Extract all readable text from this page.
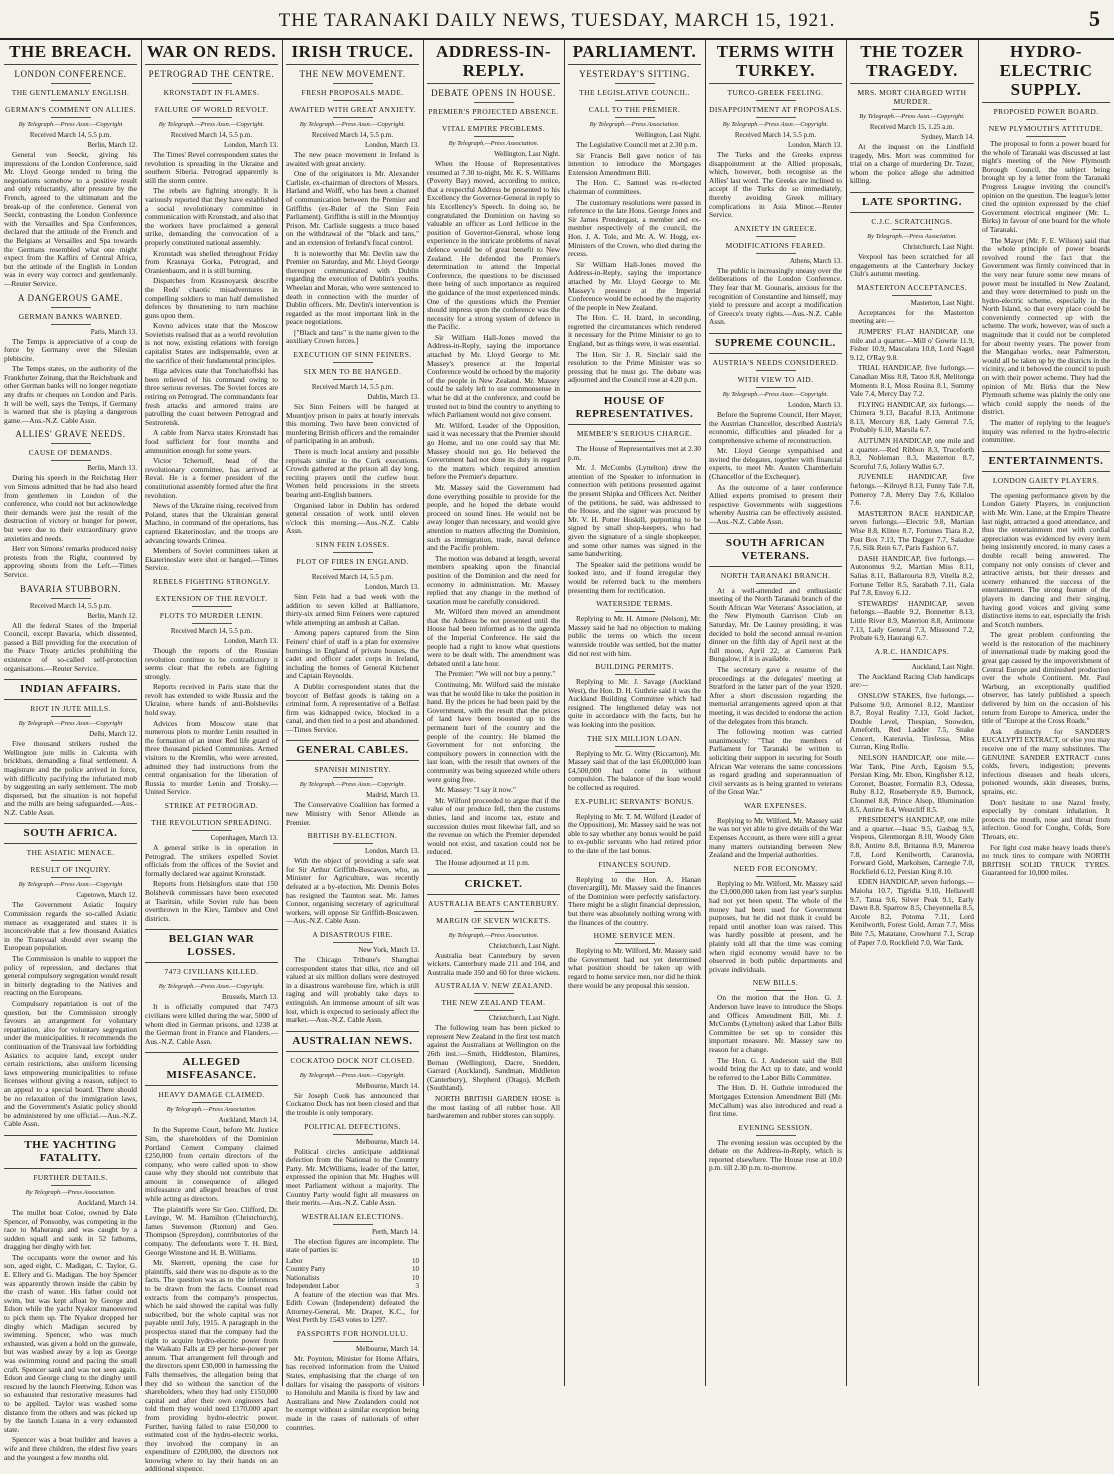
THE TARANAKI DAILY NEWS, TUESDAY, MARCH 15, 1921.	5
THE BREACH.
LONDON CONFERENCE.
THE GENTLEMANLY ENGLISH.
GERMAN'S COMMENT ON ALLIES.
By Telegraph.—Press Assn.—Copyright
Received March 14, 5.5 p.m.
Berlin, March 12.
General von Seeckt, giving his impressions of the London Conference, said Mr. Lloyd George tended to bring the negotiations somehow to a positive result and only reluctantly, after pressure by the French, agreed to the ultimatum and the break-up of the conference. General von Seeckt, contrasting the London Conference with the Versailles and Spa Conferences, declared that the attitude of the French and the Belgians at Versailles and Spa towards the Germans resembled what one might expect from the Kaffirs of Central Africa, but the attitude of the English in London was in every way correct and gentlemanly.—Reuter Service.
A DANGEROUS GAME.
GERMAN BANKS WARNED.
Paris, March 13.
The Temps is appreciative of a coup de force by Germany over the Silesian plebiscite.
The Temps states, on the authority of the Frankfurter Zeitung, that the Reichsbank and other German banks will no longer negotiate any drafts or cheques on London and Paris. It will be well, says the Temps, if Germany is warned that she is playing a dangerous game.—Aus.-N.Z. Cable Assn.
ALLIES' GRAVE NEEDS.
CAUSE OF DEMANDS.
Berlin, March 13.
During his speech in the Reichstag Herr von Simons admitted that he had also heard from gentlemen in London of the conference, who could not but acknowledge their demands were just the result of the destruction of victory or hunger for power, but were due to their extraordinary grave anxieties and needs.
Herr von Simons' remarks produced noisy protests from the Right, countered by approving shouts from the Left.—Times Service.
BAVARIA STUBBORN.
Received March 14, 5.5 p.m.
Berlin, March 12.
All the federal States of the Imperial Council, except Bavaria, which dissented, passed a Bill providing for the execution of the Peace Treaty articles prohibiting the existence of so-called self-protection organisations.—Reuter Service.
INDIAN AFFAIRS.
RIOT IN JUTE MILLS.
By Telegraph.—Press Assn.—Copyright
Delhi, March 12.
Five thousand strikers rushed the Wellington jute mills in Calcutta with brickbats, demanding a final settlement. A magistrate and the police arrived in force, with difficulty pacifying the infuriated mob by suggesting an early settlement. The mob dispersed, but the situation is not hopeful and the mills are being safeguarded.—Aus.-N.Z. Cable Assn.
SOUTH AFRICA.
THE ASIATIC MENACE.
RESULT OF INQUIRY.
By Telegraph.—Press Assn.—Copyright
Capetown, March 12.
The Government Asiatic Inquiry Commission regards the so-called Asiatic menace as exaggerated and states it is inconceivable that a few thousand Asiatics in the Transvaal should ever swamp the European population.
The Commission is unable to support the policy of repression, and declares that general compulsory segregation would result in bitterly degrading to the Natives and reacting on the Europeans.
Compulsory repatriation is out of the question, but the Commission strongly favours an arrangement for voluntary repatriation, also for voluntary segregation under the municipalities. It recommends the continuation of the Transvaal law forbidding Asiatics to acquire land, except under certain restrictions, also uniform licensing laws empowering municipalities to refuse licenses without giving a reason, subject to an appeal to a special board. There should be no relaxation of the immigration laws, and the Government's Asiatic policy should be administered by one official.—Aus.-N.Z. Cable Assn.
THE YACHTING FATALITY.
FURTHER DETAILS.
By Telegraph.—Press Association.
Auckland, March 14.
The mullet boat Coloe, owned by Dale Spencer, of Ponsonby, was competing in the race to Mahurangi and was caught by a sudden squall and sank in 52 fathoms, dragging her dinghy with her.
The occupants were the owner and his son, aged eight, C. Madigan, C. Taylor, G. E. Ellery and G. Madigan. The boy Spencer was apparently thrown inside the cabin by the crash of water. His father could not swim, but was kept afloat by George and Edson while the yacht Nyakor manoeuvred to pick them up. The Nyakor dropped her dinghy which Madigan secured by swimming. Spencer, who was much exhausted, was given a hold on the gunwale, but was washed away by a lop as George was swimming round and pacing the small craft. Spencer sank and was not seen again. Edson and George clung to the dinghy until rescued by the launch Fleetwing. Edson was so exhausted that restorative measures had to be applied. Taylor was washed some distance from the others and was picked up by the launch Luana in a very exhausted state.
Spencer was a boat builder and leaves a wife and three children, the eldest five years and the youngest a few months old.
WAR ON REDS.
PETROGRAD THE CENTRE.
KRONSTADT IN FLAMES.
FAILURE OF WORLD REVOLT.
By Telegraph.—Press Assn.—Copyright.
Received March 14, 5.5 p.m.
London, March 13.
The Times' Revel correspondent states the revolution is spreading in the Ukraine and southern Siberia. Petrograd apparently is still the storm centre.
The rebels are fighting strongly. It is variously reported that they have established a social revolutionary committee in communication with Kronstadt, and also that the workers have proclaimed a general strike, demanding the convocation of a properly constituted national assembly.
Kronstadt was shelled throughout Friday from Krasnaya Gorka, Petrograd, and Oranienbaum, and it is still burning.
Dispatches from Krasnoyarsk describe the Reds' chaotic misadventures in compelling soldiers to man half demolished defences by threatening to turn machine guns upon them.
Kovno advices state that the Moscow Sovietists realised that as a world revolution is not now, existing relations with foreign capitalist States are indispensable, even at the sacrifice of their fundamental principles.
Riga advices state that Tonchatoffski has been relieved of his command owing to three serious reverses. The Soviet forces are retiring on Petrograd. The commandants fear fresh attacks and armored trains are patrolling the coast between Petrograd and Sestroretsk.
A cable from Narva states Kronstadt has food sufficient for four months and ammunition enough for some years.
Victor Tchernoff, head of the revolutionary committee, has arrived at Reval. He is a former president of the constitutional assembly formed after the first revolution.
News of the Ukraine rising, received from Poland, states that the Ukrainian general Machno, in command of the operations, has captured Ekaterinoslav, and the troops are advancing towards Crimea.
Members of Soviet committees taken at Ekaterinoslav were shot or hanged.—Times Service.
REBELS FIGHTING STRONGLY.
EXTENSION OF THE REVOLT.
PLOTS TO MURDER LENIN.
Received March 14, 5.5 p.m.
London, March 13.
Though the reports of the Russian revolution continue to be contradictory it seems clear that the rebels are fighting strongly.
Reports received in Paris state that the revolt has extended to wide Russia and the Ukraine, where bands of anti-Bolsheviks hold sway.
Advices from Moscow state that numerous plots to murder Lenin resulted in the formation of an inner Red life guard of three thousand picked Communists. Armed visitors to the Kremlin, who were arrested, admitted they had instructions from the central organisation for the liberation of Russia to murder Lenin and Trotsky.—United Service.
STRIKE AT PETROGRAD.
THE REVOLUTION SPREADING.
Copenhagen, March 13.
A general strike is in operation in Petrograd. The strikers expelled Soviet officials from the offices of the Soviet and formally declared war against Kronstadt.
Reports from Helsingfors state that 150 Bolshevik commissars have been executed at Tsaritsin, while Soviet rule has been overthrown in the Kiev, Tambov and Orel districts.
BELGIAN WAR LOSSES.
7473 CIVILIANS KILLED.
By Telegraph.—Press Assn.—Copyright.
Brussels, March 13.
It is officially computed that 7473 civilians were killed during the war, 5000 of whom died in German prisons, and 1238 at the German front in France and Flanders.—Aus.-N.Z. Cable Assn.
ALLEGED MISFEASANCE.
HEAVY DAMAGE CLAIMED.
By Telegraph.—Press Association.
Auckland, March 14.
In the Supreme Court, before Mr. Justice Sim, the shareholders of the Dominion Portland Cement Company claimed £250,000 from certain directors of the company, who were called upon to show cause why they should not contribute that amount in consequence of alleged misfeasance and alleged breaches of trust while acting as directors.
The plaintiffs were Sir Geo. Clifford, Dr. Levinge, W. M. Hamilton (Christchurch), James Stevenson (Ruxton) and Geo. Thompson (Spreydon), contributories of the company. The defendants were T. H. Bird, George Winstone and H. B. Williams.
Mr. Skerrett, opening the case for plaintiffs, said there was no dispute as to the facts. The question was as to the inferences to be drawn from the facts. Counsel read extracts from the company's prospectus, which he said showed the capital was fully subscribed, but the whole capital was not payable until July, 1915. A paragraph in the prospectus stated that the company had the right to acquire hydro-electric power from the Waikato Falls at £9 per horse-power per annum. That arrangement fell through and the directors spent £30,000 in harnessing the Falls themselves, the allegation being that they did so without the sanction of the shareholders, when they had only £150,000 capital and after their own engineers had told them they would need £170,000 apart from providing hydro-electric power. Further, having failed to raise £50,000 to estimated cost of the hydro-electric works, they involved the company in an expenditure of £200,000, the directors not knowing where to lay their hands on an additional sixpence.
IRISH TRUCE.
THE NEW MOVEMENT.
FRESH PROPOSALS MADE.
AWAITED WITH GREAT ANXIETY.
By Telegraph.—Press Assn.—Copyright.
Received March 14, 5.5 p.m.
London, March 13.
The new peace movement in Ireland is awaited with great anxiety.
One of the originators is Mr. Alexander Carlisle, ex-chairman of directors of Messrs. Harland and Wolff, who has been a channel of communication between the Premier and Griffiths (ex-Ruler of the Sinn Fein Parliament). Griffiths is still in the Mountjoy Prison. Mr. Carlisle suggests a truce based on the withdrawal of the "black and tans," and an extension of Ireland's fiscal control.
It is noteworthy that Mr. Devlin saw the Premier on Saturday, and Mr. Lloyd George thereupon communicated with Dublin regarding the execution of Dublin's youths. Wheelan and Moran, who were sentenced to death in connection with the murder of Dublin officers. Mr. Devlin's intervention is regarded as the most important link in the peace negotiations.
["Black and tans" is the name given to the auxiliary Crown forces.]
EXECUTION OF SINN FEINERS.
SIX MEN TO BE HANGED.
Received March 14, 5.5 p.m.
Dublin, March 13.
Six Sinn Feiners will be hanged at Mountjoy prison in pairs at hourly intervals this morning. Two have been convicted of murdering British officers and the remainder of participating in an ambush.
There is much local anxiety and possible reprisals similar to the Cork executions. Crowds gathered at the prison all day long, reciting prayers until the curfew hour. Women held processions in the streets bearing anti-English banners.
Organised labor in Dublin has ordered general cessation of work until eleven o'clock this morning.—Aus.-N.Z. Cable Assn.
SINN FEIN LOSSES.
PLOT OF FIRES IN ENGLAND.
Received March 14, 5.5 p.m.
London, March 13.
Sinn Fein had a bad week with the addition to seven killed at Balliamore, thirty-six armed Sinn Feiners were captured while attempting an ambush at Callan.
Among papers captured from the Sinn Feiners' chief of staff is a plan for extensive burnings in England of private houses, the cadet and officer cadet corps in Ireland, including the homes of General Kitchener and Captain Reynolds.
A Dublin correspondent states that the boycott of Belfast goods is taking on a criminal form. A representative of a Belfast firm was kidnapped twice, blocked in a canal, and then tied to a post and abandoned.—Times Service.
GENERAL CABLES.
SPANISH MINISTRY.
By Telegraph.—Press Assn.—Copyright.
Madrid, March 13.
The Conservative Coalition has formed a new Ministry with Senor Allende as Premier.
BRITISH BY-ELECTION.
London, March 13.
With the object of providing a safe seat for Sir Arthur Griffith-Boscawen, who, as Minister for Agriculture, was recently defeated at a by-election, Mr. Dennis Boles has resigned the Taunton seat. Mr. James Connor, organising secretary of agricultural workers, will oppose Sir Griffith-Boscawen.—Aus.-N.Z. Cable Assn.
A DISASTROUS FIRE.
New York, March 13.
The Chicago Tribune's Shanghai correspondent states that silks, rice and oil valued at six million dollars were destroyed in a disastrous warehouse fire, which is still raging and will probably take days to extinguish. An immense amount of silt was lost, which is expected to seriously affect the market.—Aus.-N.Z. Cable Assn.
AUSTRALIAN NEWS.
COCKATOO DOCK NOT CLOSED.
By Telegraph.—Press Assn.—Copyright.
Melbourne, March 14.
Sir Joseph Cook has announced that Cockatoo Dock has not been closed and that the trouble is only temporary.
POLITICAL DEFECTIONS.
Melbourne, March 14.
Political circles anticipate additional defection from the National to the Country Party. Mr. McWilliams, leader of the latter, expressed the opinion that Mr. Hughes will meet Parliament without a majority. The Country Party would fight all measures on their merits.—Aus.-N.Z. Cable Assn.
WESTRALIAN ELECTIONS.
Perth, March 14.
The election figures are incomplete. The state of parties is:
Labor	10
Country Party	10
Nationalists	10
Independent Labor	3
A feature of the election was that Mrs. Edith Cowan (Independent) defeated the Attorney-General, Mr. Draper, K.C., for West Perth by 1543 votes to 1297.
PASSPORTS FOR HONOLULU.
Melbourne, March 14.
Mr. Poynton, Minister for Home Affairs, has received information from the United States, emphasising that the charge of ten dollars for visaing the passports of visitors to Honolulu and Manila is fixed by law and Australians and New Zealanders could not be exempt without a similar exception being made in the cases of nationals of other countries.
ADDRESS-IN-REPLY.
DEBATE OPENS IN HOUSE.
PREMIER'S PROJECTED ABSENCE.
VITAL EMPIRE PROBLEMS.
By Telegraph.—Press Association.
Wellington, Last Night.
When the House of Representatives resumed at 7.30 to-night, Mr. K. S. Williams (Poverty Bay) moved, according to notice, that a respectful Address be presented to his Excellency the Governor-General in reply to his Excellency's Speech. In doing so, he congratulated the Dominion on having so valuable an officer as Lord Jellicoe in the position of Governor-General, whose long experience in the intricate problems of naval defence would be of great benefit to New Zealand. He defended the Premier's determination to attend the Imperial Conference, the questions to be discussed there being of such importance as required the guidance of the most experienced minds. One of the questions which the Premier should impress upon the conference was the necessity for a strong system of defence in the Pacific.
Sir William Hall-Jones moved the Address-in-Reply, saying the importance attached by Mr. Lloyd George to Mr. Massey's presence at the Imperial Conference would be echoed by the majority of the people in New Zealand. Mr. Massey could be safely left to use commonsense in what he did at the conference, and could be trusted not to bind the country to anything to which Parliament would not give consent.
Mr. Wilford, Leader of the Opposition, said it was necessary that the Premier should go Home, and no one could say that Mr. Massey should not go. He believed the Government had not done its duty in regard to the matters which required attention before the Premier's departure.
Mr. Massey said the Government had done everything possible to provide for the people, and he hoped the debate would proceed on sound lines. He would not be away longer than necessary, and would give attention to matters affecting the Dominion, such as immigration, trade, naval defence and the Pacific problem.
The motion was debated at length, several members speaking upon the financial position of the Dominion and the need for economy in administration. Mr. Massey replied that any change in the method of taxation must be carefully considered.
Mr. Wilford then moved an amendment that the Address be not presented until the House had been informed as to the agenda of the Imperial Conference. He said the people had a right to know what questions were to be dealt with. The amendment was debated until a late hour.
The Premier: "We will not buy a penny."
Continuing, Mr. Wilford said the mistake was that he would like to take the position in hand. By the prices he had been paid by the Government, with the result that the prices of land have been boosted up to the permanent hurt of the country and the people of the country. He blamed the Government for not enforcing the compulsory powers in connection with the last loan, with the result that owners of the community was being squeezed while others were going free.
Mr. Massey: "I say it now."
Mr. Wilford proceeded to argue that if the value of our produce fell, then the customs duties, land and income tax, estate and succession duties must likewise fall, and so the revenue on which the Premier depended would not exist, and taxation could not be reduced.
The House adjourned at 11 p.m.
CRICKET.
AUSTRALIA BEATS CANTERBURY.
MARGIN OF SEVEN WICKETS.
By Telegraph.—Press Association.
Christchurch, Last Night.
Australia beat Canterbury by seven wickets. Canterbury made 211 and 104, and Australia made 350 and 60 for three wickets.
AUSTRALIA V. NEW ZEALAND.
THE NEW ZEALAND TEAM.
Christchurch, Last Night.
The following team has been picked to represent New Zealand in the first test match against the Australians at Wellington on the 26th inst.:—Smith, Hiddleston, Blamires, Bernau (Wellington), Dacre, Snedden, Garrard (Auckland), Sandman, Middleton (Canterbury), Shepherd (Otago), McBeth (Southland).
NORTH BRITISH GARDEN HOSE is the most lasting of all rubber hose. All hardwaremen and rubber stores can supply.
PARLIAMENT.
YESTERDAY'S SITTING.
THE LEGISLATIVE COUNCIL.
CALL TO THE PREMIER.
By Telegraph.—Press Association.
Wellington, Last Night.
The Legislative Council met at 2.30 p.m.
Sir Francis Bell gave notice of his intention to introduce the Mortgages Extension Amendment Bill.
The Hon. C. Samuel was re-elected chairman of committees.
The customary resolutions were passed in reference to the late Hons. George Jones and Sir James Prendergast, a member and ex-member respectively of the council, the Hon. J. A. Tole, and Mr. A. W. Hogg, ex-Ministers of the Crown, who died during the recess.
Sir William Hall-Jones moved the Address-in-Reply, saying the importance attached by Mr. Lloyd George to Mr. Massey's presence at the Imperial Conference would be echoed by the majority of the people in New Zealand.
The Hon. C. H. Izard, in seconding, regretted the circumstances which rendered it necessary for the Prime Minister to go to England, but as things were, it was essential.
The Hon. Sir J. R. Sinclair said the resolution to the Prime Minister was so pressing that he must go. The debate was adjourned and the Council rose at 4.20 p.m.
HOUSE OF REPRESENTATIVES.
MEMBER'S SERIOUS CHARGE.
The House of Representatives met at 2.30 p.m.
Mr. J. McCombs (Lyttelton) drew the attention of the Speaker to information in connection with petitions presented against the present Shipka and Officers Act. Neither of the petitions, he said, was addressed to the House, and the signer was procured by Mr. V. H. Potter Hoskill, purporting to be signed by small shop-keepers, who had given the signature of a single shopkeeper, and some other names was signed in the same handwriting.
The Speaker said the petitions would be looked into, and if found irregular they would be referred back to the members presenting them for rectification.
WATERSIDE TERMS.
Replying to Mr. H. Atmore (Nelson), Mr. Massey said he had no objection to making public the terms on which the recent waterside trouble was settled, but the matter did not rest with him.
BUILDING PERMITS.
Replying to Mr. J. Savage (Auckland West), the Hon. D. H. Guthrie said it was the Auckland Building Committee which had resigned. The lengthened delay was not quite in accordance with the facts, but he was looking into the position.
THE SIX MILLION LOAN.
Replying to Mr. G. Witty (Riccarton), Mr. Massey said that of the last £6,000,000 loan £4,500,000 had come in without compulsion. The balance of the loan would be collected as required.
EX-PUBLIC SERVANTS' BONUS.
Replying to Mr. T. M. Wilford (Leader of the Opposition), Mr. Massey said he was not able to say whether any bonus would be paid to ex-public servants who had retired prior to the date of the last bonus.
FINANCES SOUND.
Replying to the Hon. A. Hanan (Invercargill), Mr. Massey said the finances of the Dominion were perfectly satisfactory. There might be a slight financial depression, but there was absolutely nothing wrong with the finances of the country.
HOME SERVICE MEN.
Replying to Mr. Wilford, Mr. Massey said the Government had not yet determined what position should be taken up with regard to home service men, nor did he think there would be any proposal this session.
TERMS WITH TURKEY.
TURCO-GREEK FEELING.
DISAPPOINTMENT AT PROPOSALS.
By Telegraph.—Press Assn.—Copyright.
Received March 14, 5.5 p.m.
London, March 13.
The Turks and the Greeks express disappointment at the Allied proposals, which, however, both recognise as the Allies' last word. The Greeks are inclined to accept if the Turks do so immediately, thereby avoiding Greek military complications in Asia Minor.—Reuter Service.
ANXIETY IN GREECE.
MODIFICATIONS FEARED.
Athens, March 13.
The public is increasingly uneasy over the deliberations of the London Conference. They fear that M. Gounaris, anxious for the recognition of Constantine and himself, may yield to pressure and accept a modification of Greece's treaty rights.—Aus.-N.Z. Cable Assn.
SUPREME COUNCIL.
AUSTRIA'S NEEDS CONSIDERED.
WITH VIEW TO AID.
By Telegraph.—Press Assn.—Copyright.
London, March 13.
Before the Supreme Council, Herr Mayer, the Austrian Chancellor, described Austria's economic, difficulties and pleaded for a comprehensive scheme of reconstruction.
Mr. Lloyd George sympathised and invited the delegates, together with financial experts, to meet Mr. Austen Chamberlain (Chancellor of the Exchequer).
As the outcome of a later conference Allied experts promised to present their respective Governments with suggestions whereby Austria can be effectively assisted.—Aus.-N.Z. Cable Assn.
SOUTH AFRICAN VETERANS.
NORTH TARANAKI BRANCH.
At a well-attended and enthusiastic meeting of the North Taranaki branch of the South African War Veterans' Association, at the New Plymouth Garrison Club on Saturday, Mr. De Launey presiding, it was decided to hold the second annual re-union dinner on the fifth day of April next at the full moon, April 22, at Cameron Park Bungalow, if it is available.
The secretary gave a resume of the proceedings at the delegates' meeting at Stratford in the latter part of the year 1920. After a short discussion regarding the memorial arrangements agreed upon at that meeting, it was decided to endorse the action of the delegates from this branch.
The following motion was carried unanimously: "That the members of Parliament for Taranaki be written to soliciting their support in securing for South African War veterans the same concessions as regard grading and superannuation of civil servants as is being granted to veterans of the Great War."
WAR EXPENSES.
Replying to Mr. Wilford, Mr. Massey said he was not yet able to give details of the War Expenses Account, as there were still a great many matters outstanding between New Zealand and the Imperial authorities.
NEED FOR ECONOMY.
Replying to Mr. Wilford, Mr. Massey said the £3,000,000 taken from last year's surplus had not yet been spent. The whole of the money had been used for Government purposes, but he did not think it could be repaid until another loan was raised. This was hardly possible at present, and he plainly told all that the time was coming when rigid economy would have to be observed in both public departments and private individuals.
NEW BILLS.
On the motion that the Hon. G. J. Anderson have leave to introduce the Shops and Offices Amendment Bill, Mr. J. McCombs (Lyttelton) asked that Labor Bills Committee be set up to consider this important measure. Mr. Massey saw no reason for a change.
The Hon. G. J. Anderson said the Bill would bring the Act up to date, and would be referred to the Labor Bills Committee.
The Hon. D. H. Guthrie introduced the Mortgages Extension Amendment Bill (Mr. McCallum) was also introduced and read a first time.
EVENING SESSION.
The evening session was occupied by the debate on the Address-in-Reply, which is reported elsewhere. The House rose at 10.0 p.m. till 2.30 p.m. to-morrow.
THE TOZER TRAGEDY.
MRS. MORT CHARGED WITH MURDER.
By Telegraph.—Press Assn.—Copyright.
Received March 15, 1.25 a.m.
Sydney, March 14.
At the inquest on the Lindfield tragedy, Mrs. Mort was committed for trial on a charge of murdering Dr. Tozer, whom the police allege she admitted killing.
LATE SPORTING.
C.J.C. SCRATCHINGS.
By Telegraph.—Press Association.
Christchurch, Last Night.
Vexpool has been scratched for all engagements at the Canterbury Jockey Club's autumn meeting.
MASTERTON ACCEPTANCES.
Masterton, Last Night.
Acceptances for the Masterton meeting are:—
JUMPERS' FLAT HANDICAP, one mile and a quarter.—Mill o' Gowrie 11.9, Fisher 10.9, Mascalara 10.8, Lord Nagel 9.12, O'Ray 9.8.
TRIAL HANDICAP, five furlongs.—Canadian Miss 8.8, Tatoo 8.8, Melitonga Moments 8.1, Moss Rosina 8.1, Summy Vale 7.4, Mercy Day 7.2.
FLYING HANDICAP, six furlongs.—Chimera 9.13, Bacaful 8.13, Antimone 8.13, Mercury 8.8, Lady General 7.5, Probably 6.10, Marsila 6.7.
AUTUMN HANDICAP, one mile and a quarter.—Red Ribbon 8.3, Truceforth 8.3, Nobleman 8.3, Masterton 8.7, Scornful 7.6, Joliery Wallet 6.7.
JUVENILE HANDICAP, five furlongs.—Kilroyd 8.13, Funny Tale 7.8, Pomeroy 7.8, Merry Day 7.6, Killaloo 7.6.
MASTERTON RACE HANDICAP, seven furlongs.—Electric 9.8, Martian Wise 8.8, Klitee 8.7, Fortunes Tiara 8.2, Post Box 7.13, The Dagger 7.7, Saladue 7.6, Silk Rein 6.7, Paris Fashion 6.7.
DASH HANDICAP, five furlongs.—Autonomus 9.2, Martian Miss 8.11, Salias 8.11, Ballarouria 8.9, Vitella 8.2, Fortune Teller 8.5, Sarabath 7.11, Gala Paf 7.8, Envoy 6.12.
STEWARDS' HANDICAP, seven furlongs.—Bauble 9.2, Bonnetter 8.13, Little River 8.9, Materion 8.8, Antimone 7.13, Lady General 7.3, Missound 7.2, Probate 6.9, Haurangi 6.7.
A.R.C. HANDICAPS.
Auckland, Last Night.
The Auckland Racing Club handicaps are:—
ONSLOW STAKES, five furlongs.—Pulsome 9.0, Armonel 8.12, Mantizer 8.7, Royal Reality 7.13, Gold Jacket, Double Level, Thespian, Snowden, Arneforth, Red Ladder 7.5, Snake Cencert, Kateravia, Tirelessa, Miss Curran, King Rollo.
NELSON HANDICAP, one mile.—War Tank, Pine Arch, Egoism 9.5, Persian King, Mr. Ebon, Kingfisher 8.12, Coronet, Boaster, Formalin 8.3, Odessa, Ruby 8.12, Roseberryde 8.9, Burnock, Clonmel 8.8, Prince Alsop, Illumination 8.5, Antirte 8.4, Westcliff 8.5.
PRESIDENT'S HANDICAP, one mile and a quarter.—Isaac 9.5, Gasbag 9.5, Vespeus, Glenmorgan 8.10, Woody Glen 8.8, Antirte 8.8, Britanna 8.9, Maneroa 7.8, Lord Kenilworth, Caranovia, Forward Gold, Markolsen, Carnegie 7.0, Rockfield 6.12, Persian King 8.10.
EDEN HANDICAP, seven furlongs.—Maioha 10.7, Tigridia 9.10, Hellawell 9.7, Tatua 9.6, Silver Peak 9.1, Early Dawn 8.8, Sparrow 8.5, Cheyennella 8.5, Arcole 8.2, Potoma 7.11, Lord Kenilworth, Forest Gold, Arran 7.7, Miss Bite 7.5, Matatane, Crowhurst 7.1, Scrap of Paper 7.0, Rockfield 7.0, War Tank.
HYDRO-ELECTRIC SUPPLY.
PROPOSED POWER BOARD.
NEW PLYMOUTH'S ATTITUDE.
The proposal to form a power board for the whole of Taranaki was discussed at last night's meeting of the New Plymouth Borough Council, the subject being brought up by a letter from the Taranaki Progress League inviting the council's opinion on the question. The league's letter cited the opinion expressed by the chief Government electrical engineer (Mr. L. Birks) in favour of one board for the whole of Taranaki.
The Mayor (Mr. F. E. Wilson) said that the whole principle of power boards revolved round the fact that the Government was firmly convinced that in the very near future some new means of power must be installed in New Zealand, and they were determined to push on the hydro-electric scheme, especially in the North Island, so that every place could be conveniently connected up with the scheme. The work, however, was of such a magnitude that it could not be completed for about twenty years. The power from the Mangahao works, near Palmerston, would all be taken up by the districts in the vicinity, and it behoved the council to push on with their power scheme. They had the opinion of Mr. Birks that the New Plymouth scheme was plainly the only one which could supply the needs of the district.
The matter of replying to the league's inquiry was referred to the hydro-electric committee.
ENTERTAINMENTS.
LONDON GAIETY PLAYERS.
The opening performance given by the London Gaiety Players, in conjunction with Mr. Wm. Lane, at the Empire Theatre last night, attracted a good attendance, and thus the entertainment met with cordial appreciation was evidenced by every item being insistently encored, in many cases a double recall being answered. The company not only consists of clever and attractive artists, but their dresses and scenery enhanced the success of the entertainment. The strong feature of the players in dancing and their singing, having good voices and giving some distinctive items to ear, especially the Irish and Scotch numbers.
The great problem confronting the world is the restoration of the machinery of international trade by making good the great gap caused by the impoverishment of Central Europe and diminished production over the whole Continent. Mr. Paul Warburg, an exceptionally qualified observer, has lately published a speech delivered by him on the occasion of his return from Europe to America, under the title of "Europe at the Cross Roads."
Ask distinctly for SANDER'S EUCALYPTI EXTRACT, or else you may receive one of the many substitutes. The GENUINE SANDER EXTRACT cures colds, fevers, indigestion; prevents infectious diseases and heals ulcers, poisoned wounds, skin diseases, burns, sprains, etc.
Don't hesitate to use Nazol freely, especially by constant inhalation. It protects the mouth, nose and throat from infection. Good for Coughs, Colds, Sore Throats, etc.
For light cost make heavy loads there's no truck tires to compare with NORTH BRITISH SOLID TRUCK TYRES. Guaranteed for 10,000 miles.
